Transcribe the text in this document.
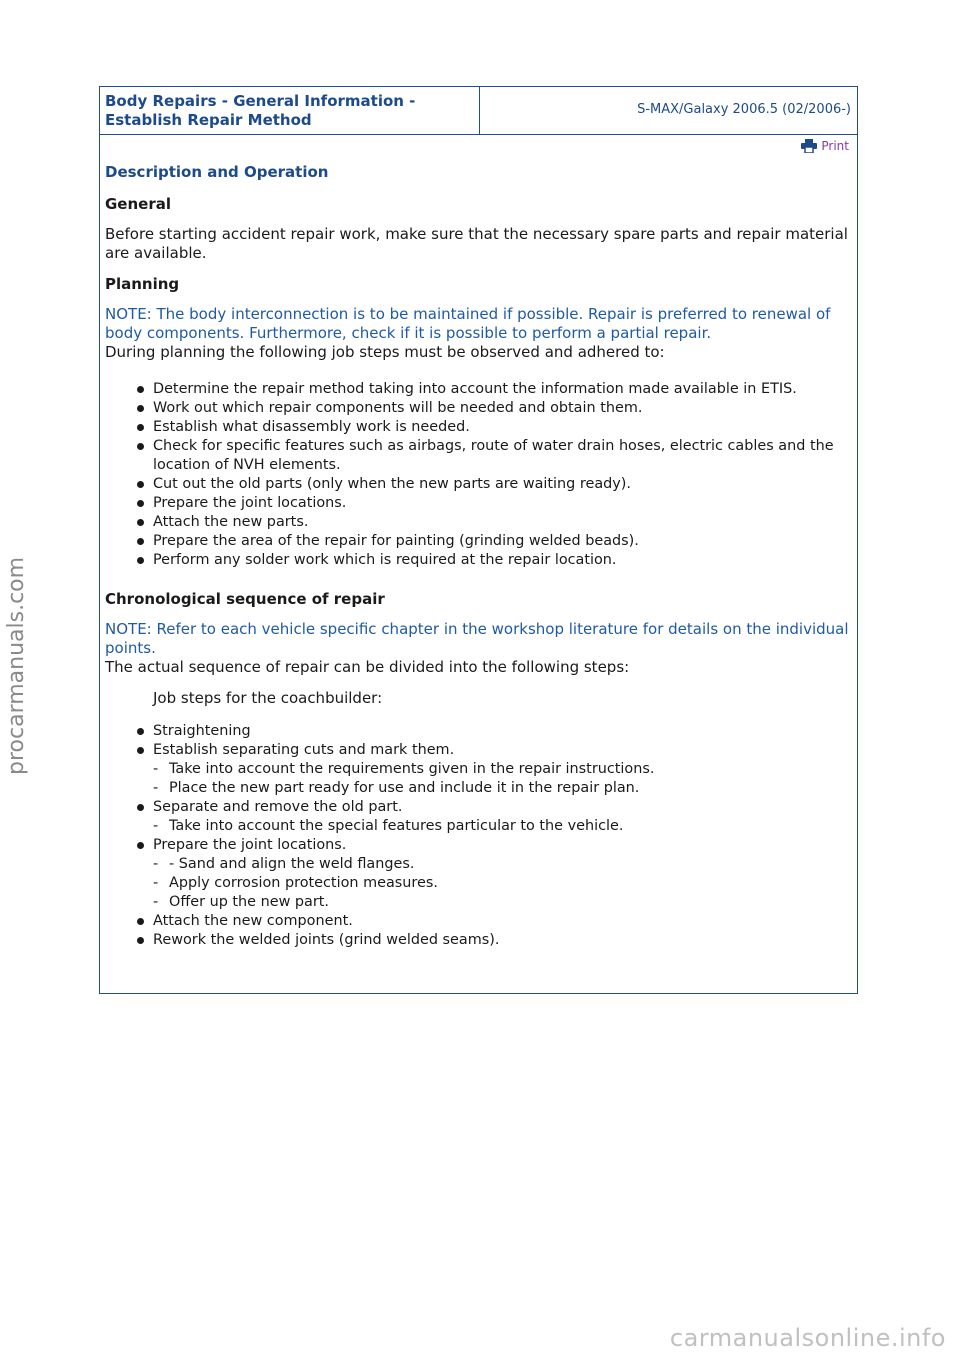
Body Repairs - General Information -
Establish Repair Method
S-MAX/Galaxy 2006.5 (02/2006-)
Print
Description and Operation
General

Before starting accident repair work, make sure that the necessary spare parts and repair material are available.

Planning

NOTE: The body interconnection is to be maintained if possible. Repair is preferred to renewal of body components. Furthermore, check if it is possible to perform a partial repair.

During planning the following job steps must be observed and adhered to:

Determine the repair method taking into account the information made available in ETIS.
Work out which repair components will be needed and obtain them.
Establish what disassembly work is needed.
Check for specific features such as airbags, route of water drain hoses, electric cables and the location of NVH elements.
Cut out the old parts (only when the new parts are waiting ready).
Prepare the joint locations.
Attach the new parts.
Prepare the area of the repair for painting (grinding welded beads).
Perform any solder work which is required at the repair location.
Chronological sequence of repair

NOTE: Refer to each vehicle specific chapter in the workshop literature for details on the individual points.

The actual sequence of repair can be divided into the following steps:

Job steps for the coachbuilder:
Straightening
Establish separating cuts and mark them.
- Take into account the requirements given in the repair instructions.
- Place the new part ready for use and include it in the repair plan.
Separate and remove the old part.
- Take into account the special features particular to the vehicle.
Prepare the joint locations.
- - Sand and align the weld flanges.
- Apply corrosion protection measures.
- Offer up the new part.
Attach the new component.
Rework the welded joints (grind welded seams).
procarmanuals.com
carmanualsonline.info
